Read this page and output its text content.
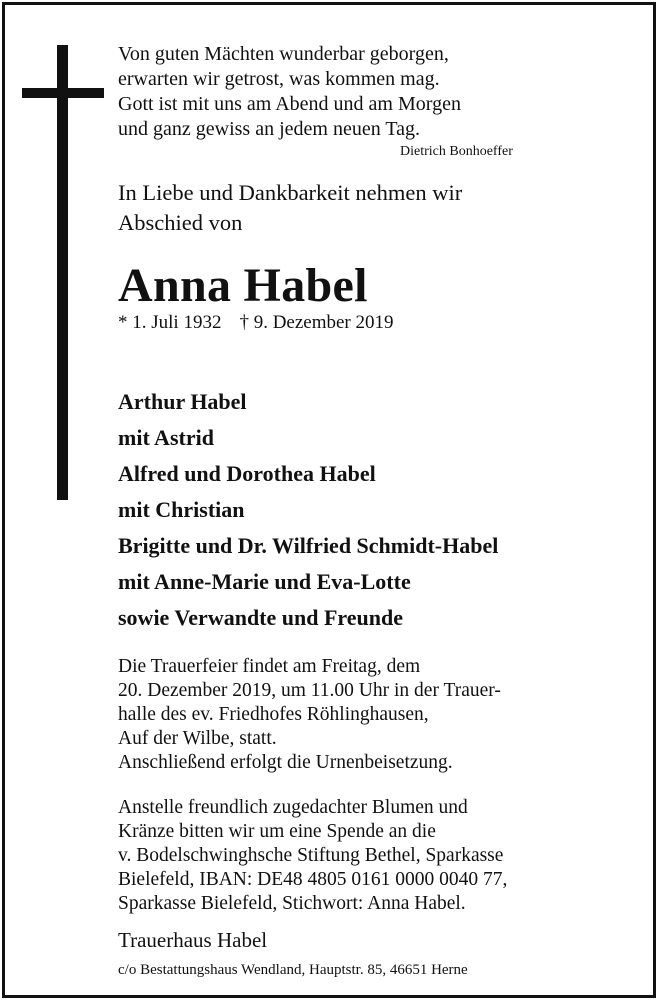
Von guten Mächten wunderbar geborgen,
erwarten wir getrost, was kommen mag.
Gott ist mit uns am Abend und am Morgen
und ganz gewiss an jedem neuen Tag.
Dietrich Bonhoeffer
In Liebe und Dankbarkeit nehmen wir
Abschied von
Anna Habel
* 1. Juli 1932 † 9. Dezember 2019
Arthur Habel
mit Astrid
Alfred und Dorothea Habel
mit Christian
Brigitte und Dr. Wilfried Schmidt-Habel
mit Anne-Marie und Eva-Lotte
sowie Verwandte und Freunde
Die Trauerfeier findet am Freitag, dem
20. Dezember 2019, um 11.00 Uhr in der Trauer-
halle des ev. Friedhofes Röhlinghausen,
Auf der Wilbe, statt.
Anschließend erfolgt die Urnenbeisetzung.
Anstelle freundlich zugedachter Blumen und
Kränze bitten wir um eine Spende an die
v. Bodelschwinghsche Stiftung Bethel, Sparkasse
Bielefeld, IBAN: DE48 4805 0161 0000 0040 77,
Sparkasse Bielefeld, Stichwort: Anna Habel.
Trauerhaus Habel
c/o Bestattungshaus Wendland, Hauptstr. 85, 46651 Herne
